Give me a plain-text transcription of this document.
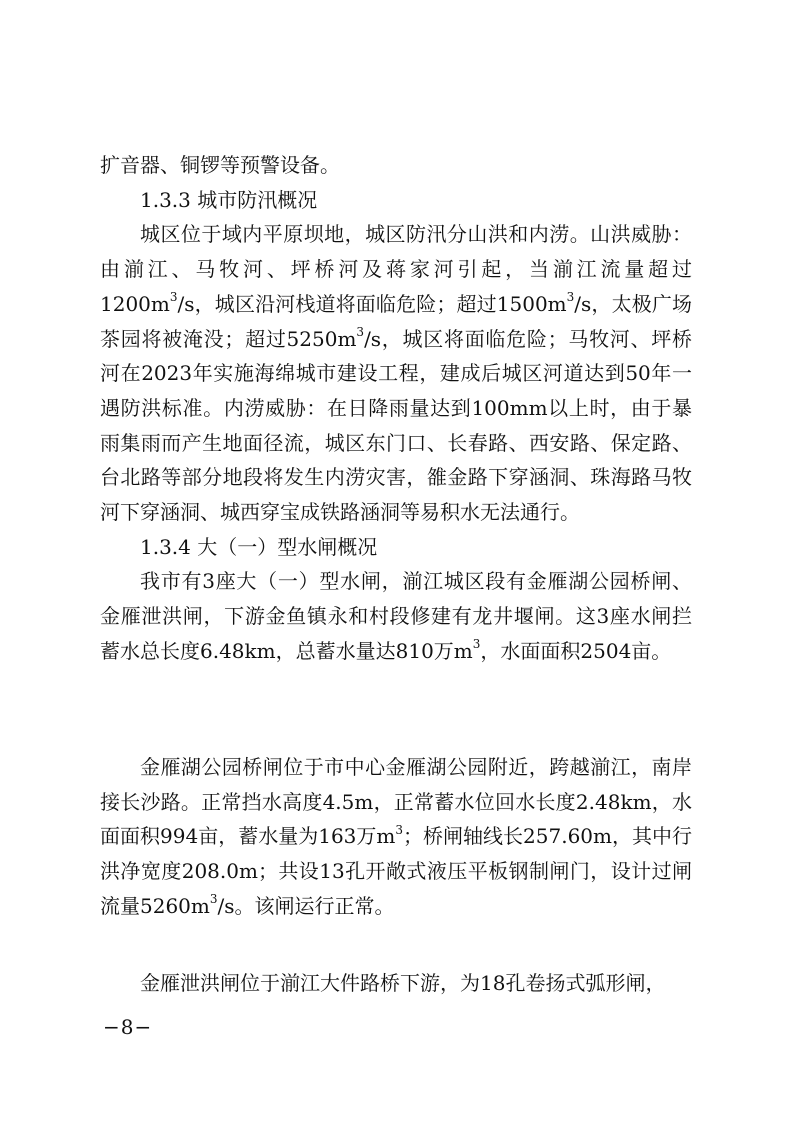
扩音器、铜锣等预警设备。

1.3.3 城市防汛概况

城区位于域内平原坝地，城区防汛分山洪和内涝。山洪威胁：由湔江、马牧河、坪桥河及蒋家河引起，当湔江流量超过$1200m^3/s$，城区沿河栈道将面临危险；超过$1500m^3/s$，太极广场茶园将被淹没；超过$5250m^3/s$，城区将面临危险；马牧河、坪桥河在2023年实施海绵城市建设工程，建成后城区河道达到50年一遇防洪标准。内涝威胁：在日降雨量达到100mm以上时，由于暴雨集雨而产生地面径流，城区东门口、长春路、西安路、保定路、台北路等部分地段将发生内涝灾害，雒金路下穿涵洞、珠海路马牧河下穿涵洞、城西穿宝成铁路涵洞等易积水无法通行。

1.3.4 大（一）型水闸概况

我市有3座大（一）型水闸，湔江城区段有金雁湖公园桥闸、金雁泄洪闸，下游金鱼镇永和村段修建有龙井堰闸。这3座水闸拦蓄水总长度6.48km，总蓄水量达810万$m^3$，水面面积2504亩。

金雁湖公园桥闸位于市中心金雁湖公园附近，跨越湔江，南岸接长沙路。正常挡水高度4.5m，正常蓄水位回水长度2.48km，水面面积994亩，蓄水量为163万$m^3$；桥闸轴线长257.60m，其中行洪净宽度208.0m；共设13孔开敞式液压平板钢制闸门，设计过闸流量$5260m^3/s$。该闸运行正常。

金雁泄洪闸位于湔江大件路桥下游，为18孔卷扬式弧形闸，

−8−
